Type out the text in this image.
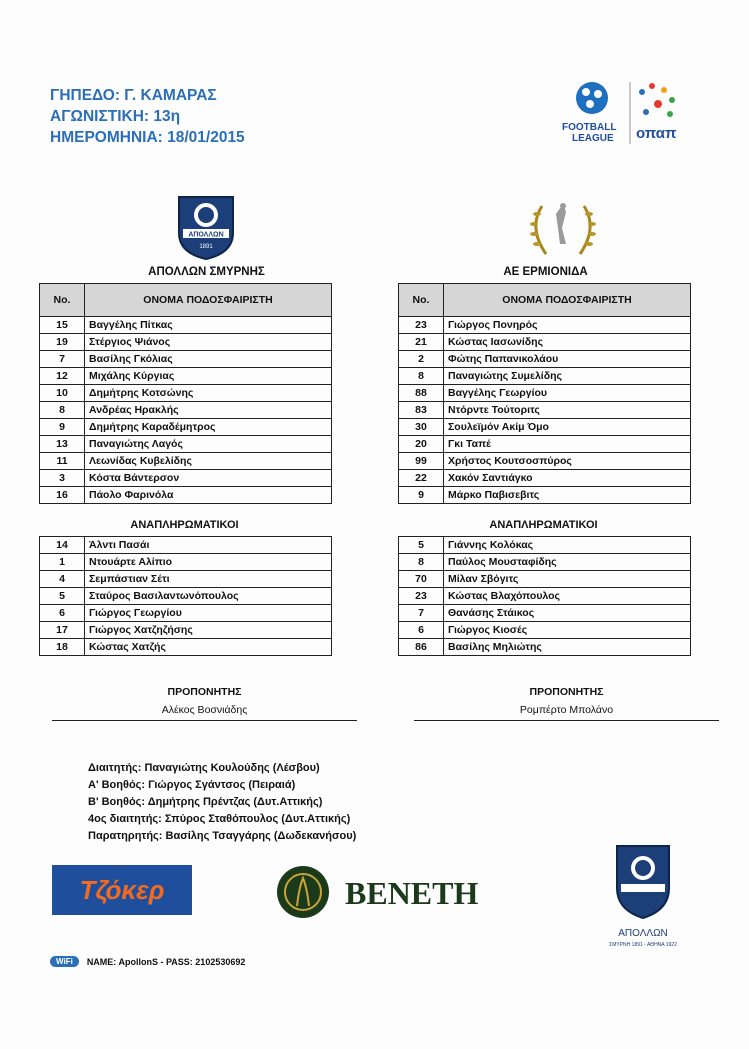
ΓΗΠΕΔΟ: Γ. ΚΑΜΑΡΑΣ
ΑΓΩΝΙΣΤΙΚΗ: 13η
ΗΜΕΡΟΜΗΝΙΑ: 18/01/2015
FOOTBALL
LEAGUE οπαπ
ΑΠΟΛΛΩΝ
1891
ΑΠΟΛΛΩΝ ΣΜΥΡΝΗΣ	ΑΕ ΕΡΜΙΟΝΙΔΑ
No.	ΟΝΟΜΑ ΠΟΔΟΣΦΑΙΡΙΣΤΗ
15	Βαγγέλης Πίτκας
19	Στέργιος Ψιάνος
7	Βασίλης Γκόλιας
12	Μιχάλης Κύργιας
10	Δημήτρης Κοτσώνης
8	Ανδρέας Ηρακλής
9	Δημήτρης Καραδέμητρος
13	Παναγιώτης Λαγός
11	Λεωνίδας Κυβελίδης
3	Κόστα Βάντερσον
16	Πάολο Φαρινόλα
ΑΝΑΠΛΗΡΩΜΑΤΙΚΟΙ
14	Άλντι Πασάι
1	Ντουάρτε Αλίπιο
4	Σεμπάστιαν Σέτι
5	Σταύρος Βασιλαντωνόπουλος
6	Γιώργος Γεωργίου
17	Γιώργος Χατζηζήσης
18	Κώστας Χατζής
No.	ΟΝΟΜΑ ΠΟΔΟΣΦΑΙΡΙΣΤΗ
23	Γιώργος Πονηρός
21	Κώστας Ιασωνίδης
2	Φώτης Παπανικολάου
8	Παναγιώτης Συμελίδης
88	Βαγγέλης Γεωργίου
83	Ντόρντε Τούτοριτς
30	Σουλεϊμόν Ακίμ Όμο
20	Γκι Ταπέ
99	Χρήστος Κουτσοσπύρος
22	Χακόν Σαντιάγκο
9	Μάρκο Παβισεβιτς
ΑΝΑΠΛΗΡΩΜΑΤΙΚΟΙ
5	Γιάννης Κολόκας
8	Παύλος Μουσταφίδης
70	Μίλαν Σβόγιτς
23	Κώστας Βλαχόπουλος
7	Θανάσης Στάικος
6	Γιώργος Κιοσές
86	Βασίλης Μηλιώτης
ΠΡΟΠΟΝΗΤΗΣ
Αλέκος Βοσνιάδης
ΠΡΟΠΟΝΗΤΗΣ
Ρομπέρτο Μπολάνο
Διαιτητής: Παναγιώτης Κουλούδης (Λέσβου)
Α' Βοηθός: Γιώργος Σγάντσος (Πειραιά)
Β' Βοηθός: Δημήτρης Πρέντζας (Δυτ.Αττικής)
4ος διαιτητής: Σπύρος Σταθόπουλος (Δυτ.Αττικής)
Παρατηρητής: Βασίλης Τσαγγάρης (Δωδεκανήσου)
Τζόκερ	BENETH
ΑΠΟΛΛΩΝ
ΣΜΥΡΝΗ 1891 - ΑΘΗΝΑ 1922
WiFi	NAME: ApollonS - PASS: 2102530692
